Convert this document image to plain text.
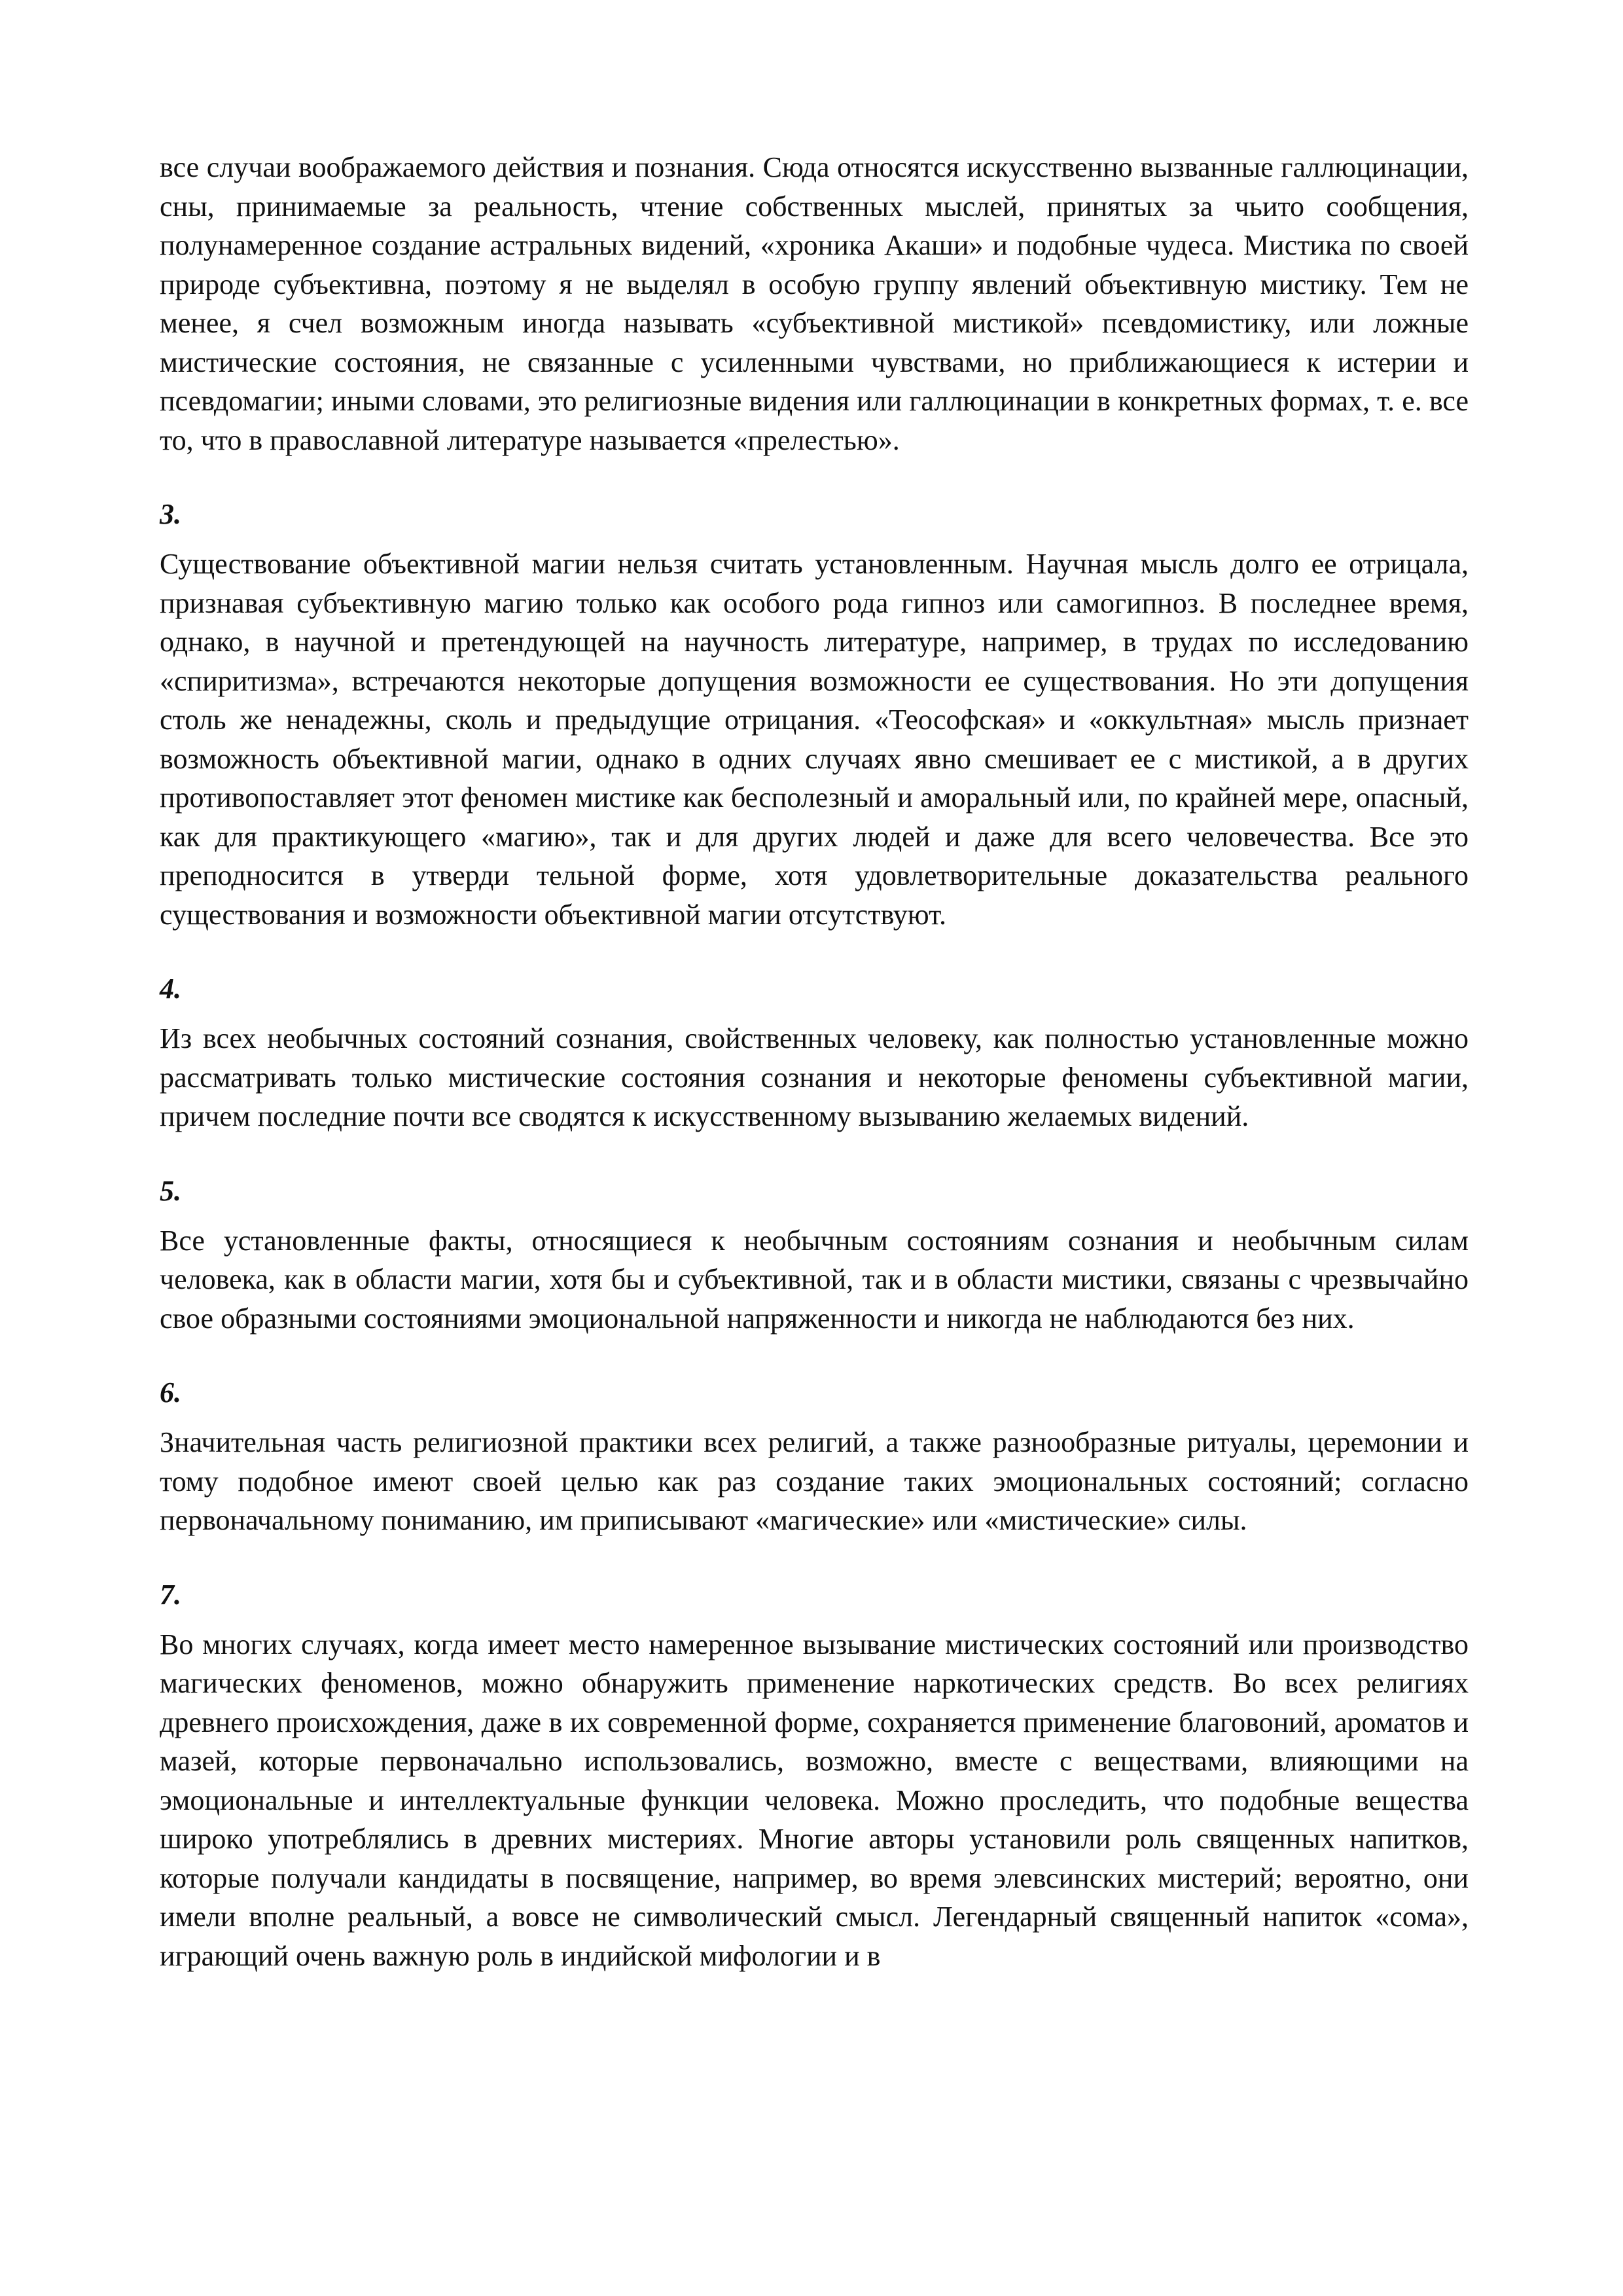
все случаи воображаемого действия и познания. Сюда относятся искусственно вызванные галлюцинации, сны, принимаемые за реальность, чтение собственных мыслей, принятых за чьито сообщения, полунамеренное создание астральных видений, «хроника Акаши» и подобные чудеса. Мистика по своей природе субъективна, поэтому я не выделял в особую группу явлений объективную мистику. Тем не менее, я счел возможным иногда называть «субъективной мистикой» псевдомистику, или ложные мистические состояния, не связанные с усиленными чувствами, но приближающиеся к истерии и псевдомагии; иными словами, это религиозные видения или галлюцинации в конкретных формах, т. е. все то, что в православной литературе называется «прелестью».

3.

Существование объективной магии нельзя считать установленным. Научная мысль долго ее отрицала, признавая субъективную магию только как особого рода гипноз или самогипноз. В последнее время, однако, в научной и претендующей на научность литературе, например, в трудах по исследованию «спиритизма», встречаются некоторые допущения возможности ее существования. Но эти допущения столь же ненадежны, сколь и предыдущие отрицания. «Теософская» и «оккультная» мысль признает возможность объективной магии, однако в одних случаях явно смешивает ее с мистикой, а в других противопоставляет этот феномен мистике как бесполезный и аморальный или, по крайней мере, опасный, как для практикующего «магию», так и для других людей и даже для всего человечества. Все это преподносится в утверди тельной форме, хотя удовлетворительные доказательства реального существования и возможности объективной магии отсутствуют.

4.

Из всех необычных состояний сознания, свойственных человеку, как полностью установленные можно рассматривать только мистические состояния сознания и некоторые феномены субъективной магии, причем последние почти все сводятся к искусственному вызыванию желаемых видений.

5.

Все установленные факты, относящиеся к необычным состояниям сознания и необычным силам человека, как в области магии, хотя бы и субъективной, так и в области мистики, связаны с чрезвычайно свое образными состояниями эмоциональной напряженности и никогда не наблюдаются без них.

6.

Значительная часть религиозной практики всех религий, а также разнообразные ритуалы, церемонии и тому подобное имеют своей целью как раз создание таких эмоциональных состояний; согласно первоначальному пониманию, им приписывают «магические» или «мистические» силы.

7.

Во многих случаях, когда имеет место намеренное вызывание мистических состояний или производство магических феноменов, можно обнаружить применение наркотических средств. Во всех религиях древнего происхождения, даже в их современной форме, сохраняется применение благовоний, ароматов и мазей, которые первоначально использовались, возможно, вместе с веществами, влияющими на эмоциональные и интеллектуальные функции человека. Можно проследить, что подобные вещества широко употреблялись в древних мистериях. Многие авторы установили роль священных напитков, которые получали кандидаты в посвящение, например, во время элевсинских мистерий; вероятно, они имели вполне реальный, а вовсе не символический смысл. Легендарный священный напиток «сома», играющий очень важную роль в индийской мифологии и в
